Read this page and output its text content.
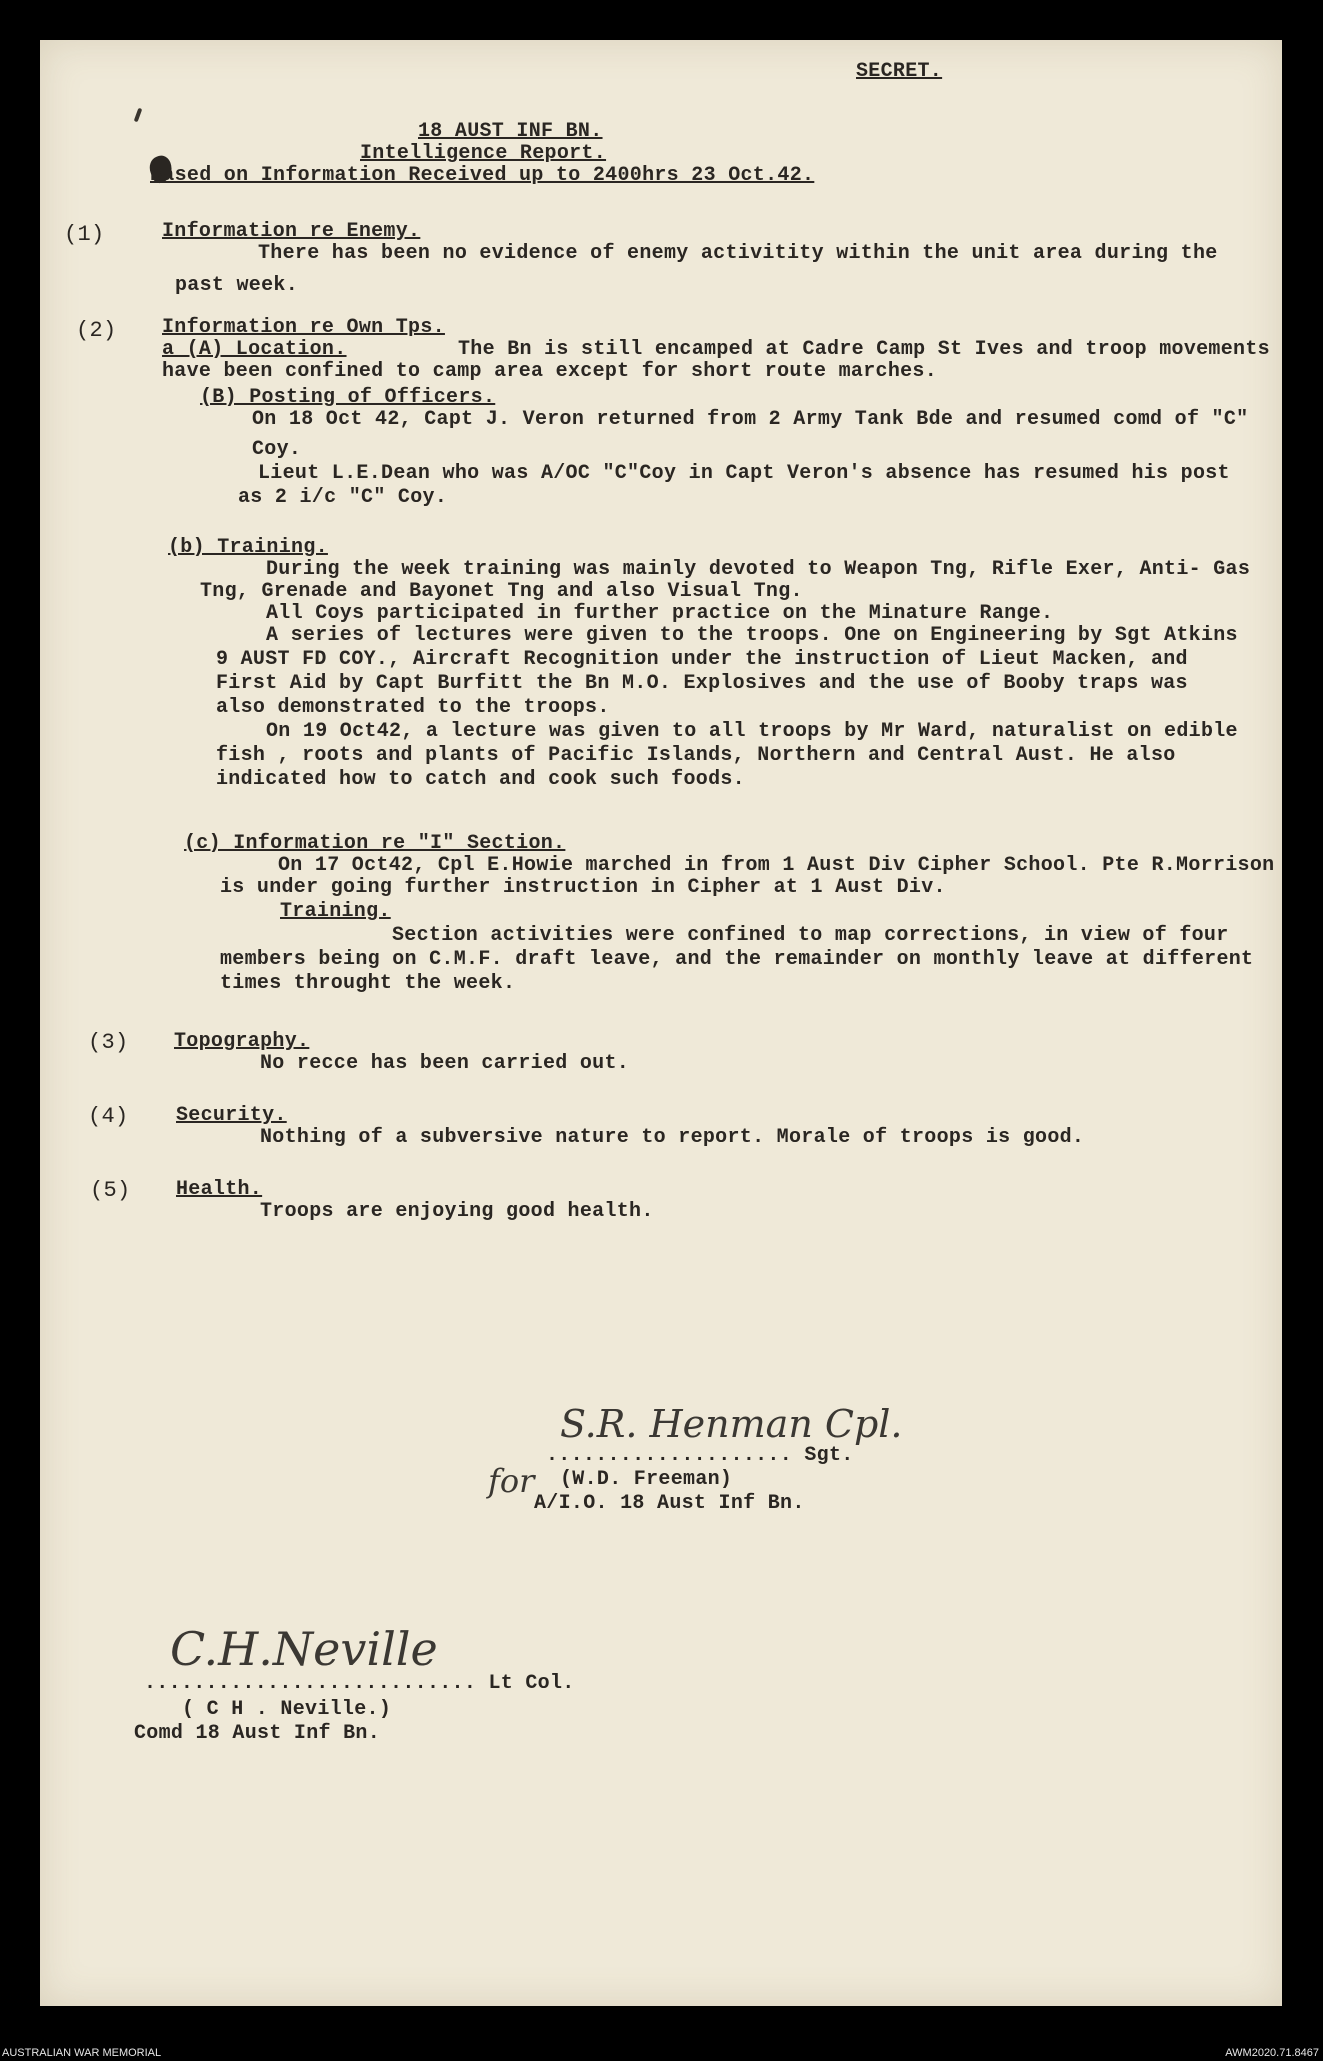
SECRET.
18 AUST INF BN.
Intelligence Report.
Based on Information Received up to 2400hrs 23 Oct.42.
(1)	Information re Enemy.
There has been no evidence of enemy activitity within the unit area during the
past week.
(2) Information re Own Tps.
a (A) Location.	The Bn is still encamped at Cadre Camp St Ives and troop movements
have been confined to camp area except for short route marches.
(B) Posting of Officers.
On 18 Oct 42, Capt J. Veron returned from 2 Army Tank Bde and resumed comd of "C"
Coy.
Lieut L.E.Dean who was A/OC "C"Coy in Capt Veron's absence has resumed his post
as 2 i/c "C" Coy.
(b) Training.
During the week training was mainly devoted to Weapon Tng, Rifle Exer, Anti- Gas
Tng, Grenade and Bayonet Tng and also Visual Tng.
All Coys participated in further practice on the Minature Range.
A series of lectures were given to the troops. One on Engineering by Sgt Atkins
9 AUST FD COY., Aircraft Recognition under the instruction of Lieut Macken, and
First Aid by Capt Burfitt the Bn M.O. Explosives and the use of Booby traps was
also demonstrated to the troops.
On 19 Oct42, a lecture was given to all troops by Mr Ward, naturalist on edible
fish , roots and plants of Pacific Islands, Northern and Central Aust. He also
indicated how to catch and cook such foods.
(c) Information re "I" Section.
On 17 Oct42, Cpl E.Howie marched in from 1 Aust Div Cipher School. Pte R.Morrison
is under going further instruction in Cipher at 1 Aust Div.
Training.
Section activities were confined to map corrections, in view of four
members being on C.M.F. draft leave, and the remainder on monthly leave at different
times throught the week.
(3) Topography.
No recce has been carried out.
(4) Security.
Nothing of a subversive nature to report. Morale of troops is good.
(5) Health.
Troops are enjoying good health.
S.R. Henman Cpl.
.................... Sgt.
for (W.D. Freeman)
A/I.O. 18 Aust Inf Bn.
C.H.Neville
........................... Lt Col.
( C H . Neville.)
Comd 18 Aust Inf Bn.
AUSTRALIAN WAR MEMORIAL	AWM2020.71.8467
